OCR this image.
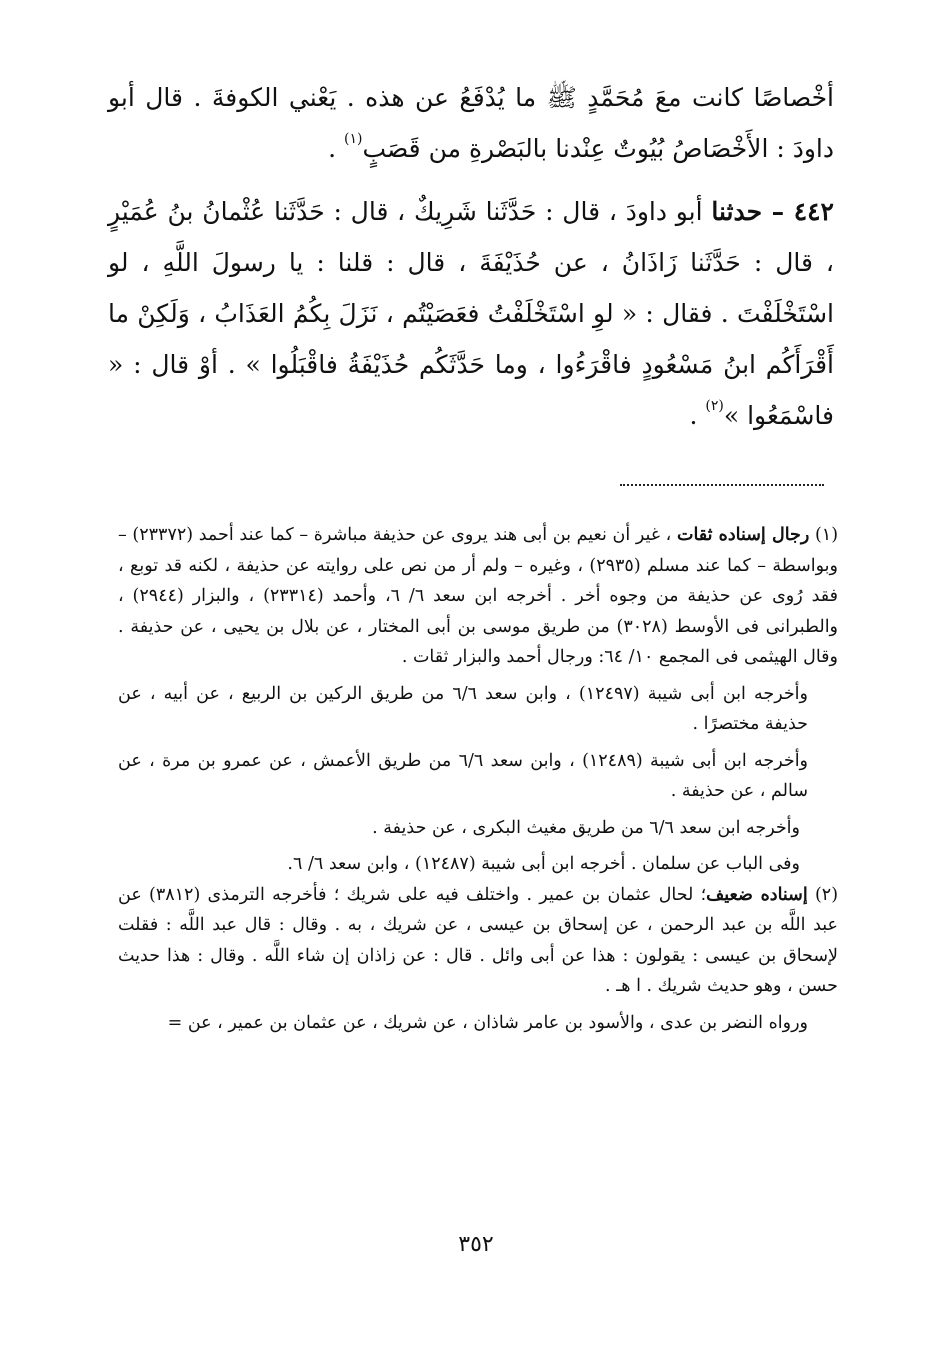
أخْصاصًا كانت معَ مُحَمَّدٍ ﷺ ما يُدْفَعُ عن هذه . يَعْني الكوفةَ . قال أبو داودَ : الأَخْصَاصُ بُيُوتٌ عِنْدنا بالبَصْرةِ من قَصَبٍ$^{(١)}$ .

٤٤٢ – حدثنا أبو داودَ ، قال : حَدَّثَنا شَرِيكٌ ، قال : حَدَّثَنا عُثْمانُ بنُ عُمَيْرٍ ، قال : حَدَّثَنا زَاذَانُ ، عن حُذَيْفَةَ ، قال : قلنا : يا رسولَ اللَّهِ ، لو اسْتَخْلَفْتَ . فقال : « لوِ اسْتَخْلَفْتُ فعَصَيْتُم ، نَزَلَ بِكُمُ العَذَابُ ، وَلَكِنْ ما أَقْرَأَكُم ابنُ مَسْعُودٍ فاقْرَءُوا ، وما حَدَّثَكُم حُذَيْفَةُ فاقْبَلُوا » . أوْ قال : « فاسْمَعُوا »$^{(٢)}$ .

(١) رجال إسناده ثقات ، غير أن نعيم بن أبى هند يروى عن حذيفة مباشرة – كما عند أحمد (٢٣٣٧٢) – وبواسطة – كما عند مسلم (٢٩٣٥) ، وغيره – ولم أر من نص على روايته عن حذيفة ، لكنه قد توبع ، فقد رُوى عن حذيفة من وجوه أخر . أخرجه ابن سعد ٦/ ٦، وأحمد (٢٣٣١٤) ، والبزار (٢٩٤٤) ، والطبرانى فى الأوسط (٣٠٢٨) من طريق موسى بن أبى المختار ، عن بلال بن يحيى ، عن حذيفة . وقال الهيثمى فى المجمع ١٠/ ٦٤: ورجال أحمد والبزار ثقات .

وأخرجه ابن أبى شيبة (١٢٤٩٧) ، وابن سعد ٦/٦ من طريق الركين بن الربيع ، عن أبيه ، عن حذيفة مختصرًا .

وأخرجه ابن أبى شيبة (١٢٤٨٩) ، وابن سعد ٦/٦ من طريق الأعمش ، عن عمرو بن مرة ، عن سالم ، عن حذيفة .

وأخرجه ابن سعد ٦/٦ من طريق مغيث البكرى ، عن حذيفة .

وفى الباب عن سلمان . أخرجه ابن أبى شيبة (١٢٤٨٧) ، وابن سعد ٦/ ٦.

(٢) إسناده ضعيف؛ لحال عثمان بن عمير . واختلف فيه على شريك ؛ فأخرجه الترمذى (٣٨١٢) عن عبد اللَّه بن عبد الرحمن ، عن إسحاق بن عيسى ، عن شريك ، به . وقال : قال عبد اللَّه : فقلت لإسحاق بن عيسى : يقولون : هذا عن أبى وائل . قال : عن زاذان إن شاء اللَّه . وقال : هذا حديث حسن ، وهو حديث شريك . ا هـ .

ورواه النضر بن عدى ، والأسود بن عامر شاذان ، عن شريك ، عن عثمان بن عمير ، عن =

٣٥٢
